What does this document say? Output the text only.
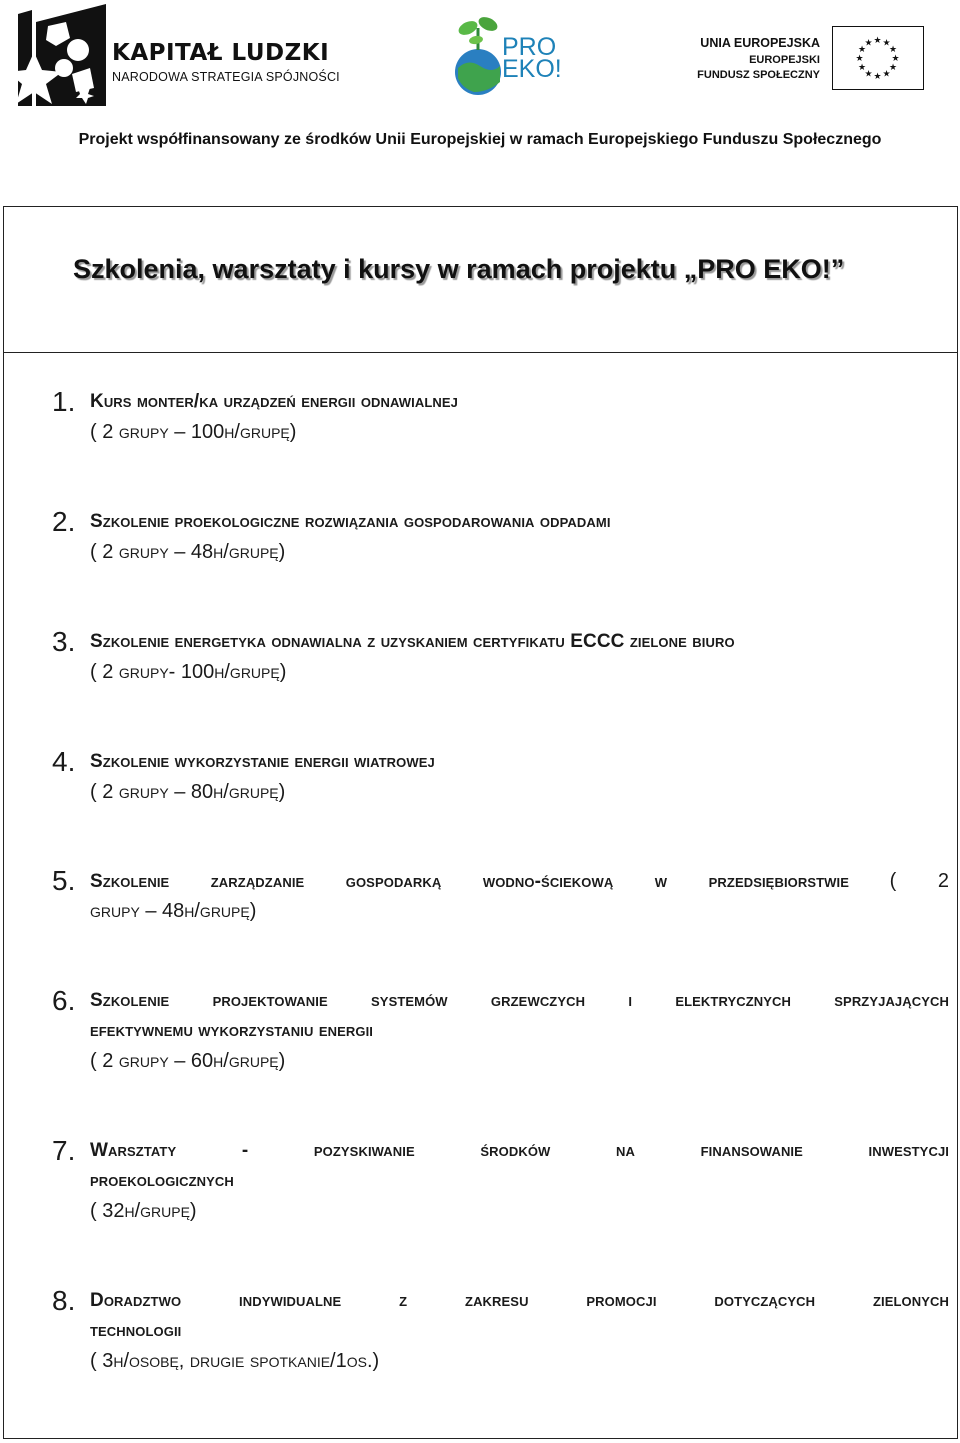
KAPITAŁ LUDZKI
NARODOWA STRATEGIA SPÓJNOŚCI
PRO
EKO!
UNIA EUROPEJSKA
EUROPEJSKI
FUNDUSZ SPOŁECZNY
★ ★
★
★
★
★
★
★
★
★
★
★
Projekt współfinansowany ze środków Unii Europejskiej w ramach Europejskiego Funduszu Społecznego
Szkolenia, warsztaty i kursy w ramach projektu „PRO EKO!”
1. Kurs monter/ka urządzeń energii odnawialnej
( 2 grupy – 100h/grupę)
2. Szkolenie proekologiczne rozwiązania gospodarowania odpadami
( 2 grupy – 48h/grupę)
3. Szkolenie energetyka odnawialna z uzyskaniem certyfikatu ECCC zielone biuro
( 2 grupy- 100h/grupę)
4. Szkolenie wykorzystanie energii wiatrowej
( 2 grupy – 80h/grupę)
5. Szkolenie zarządzanie gospodarką wodno-ściekową w przedsiębiorstwie ( 2
grupy – 48h/grupę)
6. Szkolenie projektowanie systemów grzewczych i elektrycznych sprzyjających
efektywnemu wykorzystaniu energii
( 2 grupy – 60h/grupę)
7. Warsztaty - pozyskiwanie środków na finansowanie inwestycji
proekologicznych
( 32h/grupę)
8. Doradztwo indywidualne z zakresu promocji dotyczących zielonych
technologii
( 3h/osobę, drugie spotkanie/1os.)
